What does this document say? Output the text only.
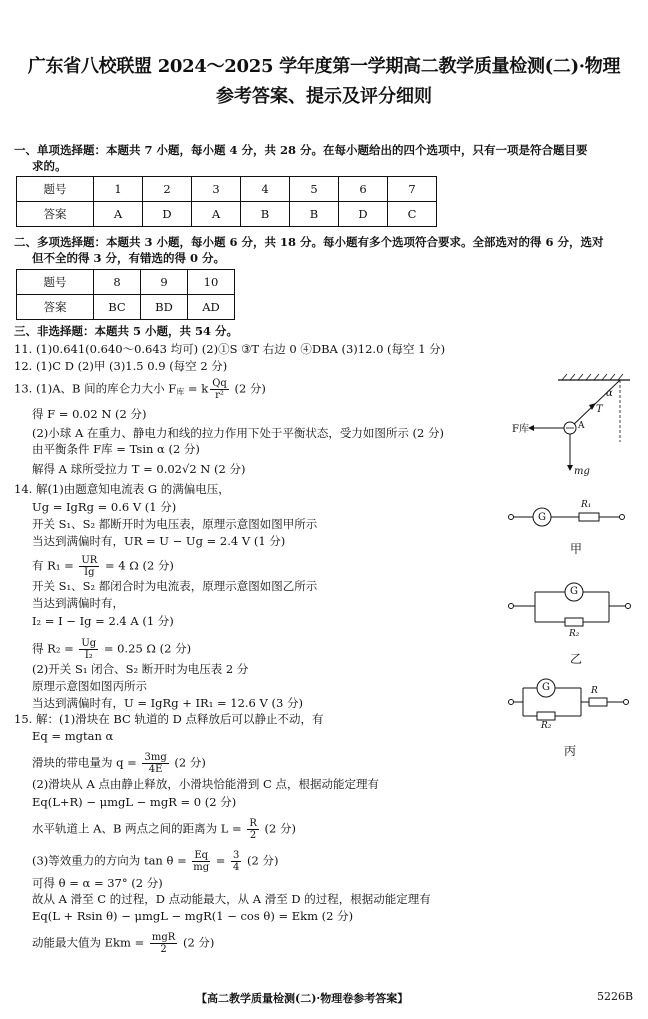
广东省八校联盟 2024～2025 学年度第一学期高二教学质量检测(二)·物理
参考答案、提示及评分细则
一、单项选择题：本题共 7 小题，每小题 4 分，共 28 分。在每小题给出的四个选项中，只有一项是符合题目要
求的。
题号	1	2	3	4	5	6	7
答案	A	D	A	B	B	D	C
二、多项选择题：本题共 3 小题，每小题 6 分，共 18 分。每小题有多个选项符合要求。全部选对的得 6 分，选对
但不全的得 3 分，有错选的得 0 分。
题号	8	9	10
答案	BC	BD	AD
三、非选择题：本题共 5 小题，共 54 分。
11. (1)0.641(0.640～0.643 均可) (2)①S ③T 右边 0 ④DBA (3)12.0 (每空 1 分)
12. (1)C D (2)甲 (3)1.5 0.9 (每空 2 分)
13. (1)A、B 间的库仑力大小 $F_库 = k \frac{Qq}{\text{r²}} (2$ 分)
得 F = 0.02 N (2 分)
(2)小球 A 在重力、静电力和线的拉力作用下处于平衡状态，受力如图所示 (2 分)
由平衡条件 F库 = Tsin α (2 分)
解得 A 球所受拉力 T = 0.02√2 N (2 分)
α
T
F库	A
mg
14. 解(1)由题意知电流表 G 的满偏电压，
Ug = IgRg = 0.6 V (1 分)
开关 S₁、S₂ 都断开时为电压表，原理示意图如图甲所示
当达到满偏时有，UR = U − Ug = 2.4 V (1 分)
有 $R_1 = \frac{UR}{Ig} = 4$ Ω (2 分)
开关 S₁、S₂ 都闭合时为电流表，原理示意图如图乙所示
当达到满偏时有，
I₂ = I − Ig = 2.4 A (1 分)
得 $R_2 = \frac{Ug}{\text{I₂}} = 0.25$ Ω (2 分)
(2)开关 S₁ 闭合、S₂ 断开时为电压表 2 分
原理示意图如图丙所示
当达到满偏时有，U = IgRg + IR₁ = 12.6 V (3 分)
G
R₁
甲
G
R₂
乙
G	R
R₂
丙
15. 解：(1)滑块在 BC 轨道的 D 点释放后可以静止不动，有
Eq = mgtan α
滑块的带电量为 $q = \frac{3mg}{4E} (2$ 分)
(2)滑块从 A 点由静止释放，小滑块恰能滑到 C 点，根据动能定理有
Eq(L+R) − μmgL − mgR = 0 (2 分)
水平轨道上 A、B 两点之间的距离为 $L = \frac{R}{2} (2$ 分)
(3)等效重力的方向为 $\tan \theta = \frac{Eq}{mg} = \frac{3}{4} (2$ 分)
可得 θ = α = 37° (2 分)
故从 A 滑至 C 的过程，D 点动能最大，从 A 滑至 D 的过程，根据动能定理有
Eq(L + Rsin θ) − μmgL − mgR(1 − cos θ) = Ekm (2 分)
动能最大值为 Ekm = $\frac{\text{mgR}}{2} (2$ 分)
【高二教学质量检测(二)·物理卷参考答案】	5226B
